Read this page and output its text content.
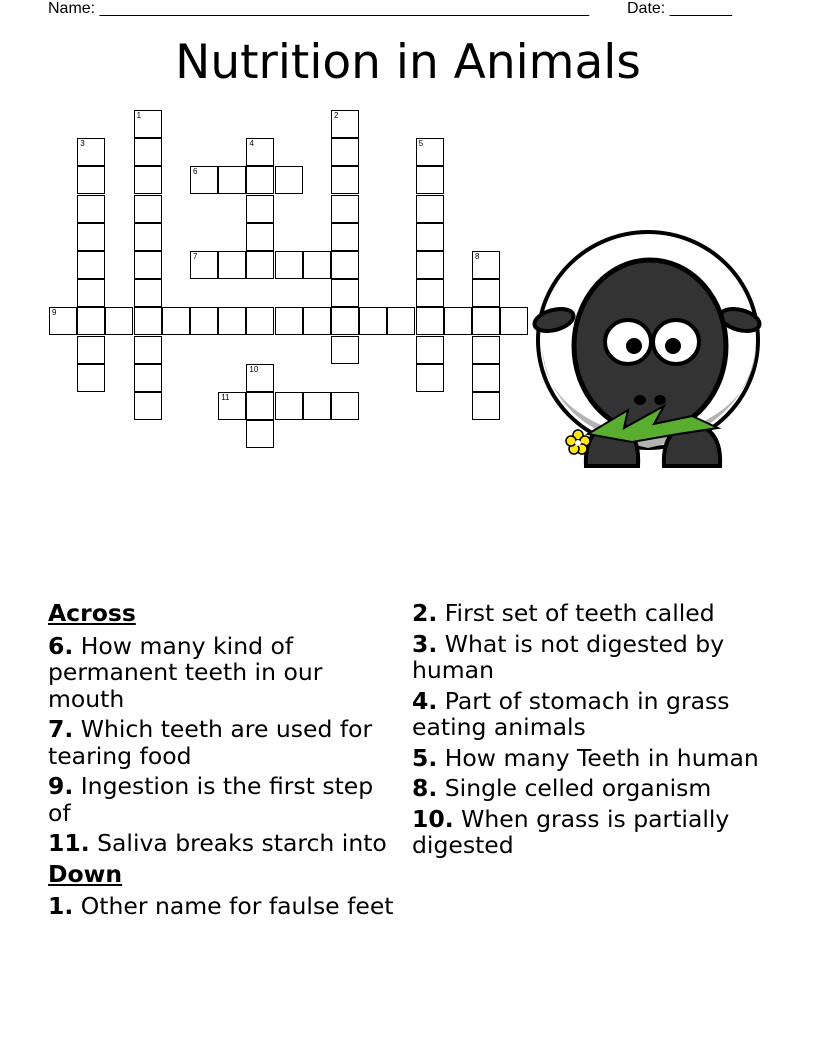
Name: _______________________________________________________ Date: _______
Nutrition in Animals
1	2
3	4	5
6
7	8
9
10
11
Across
6. How many kind of permanent teeth in our mouth
7. Which teeth are used for tearing food
9. Ingestion is the first step of
11. Saliva breaks starch into
Down
1. Other name for faulse feet
2. First set of teeth called
3. What is not digested by human
4. Part of stomach in grass eating animals
5. How many Teeth in human
8. Single celled organism
10. When grass is partially digested
